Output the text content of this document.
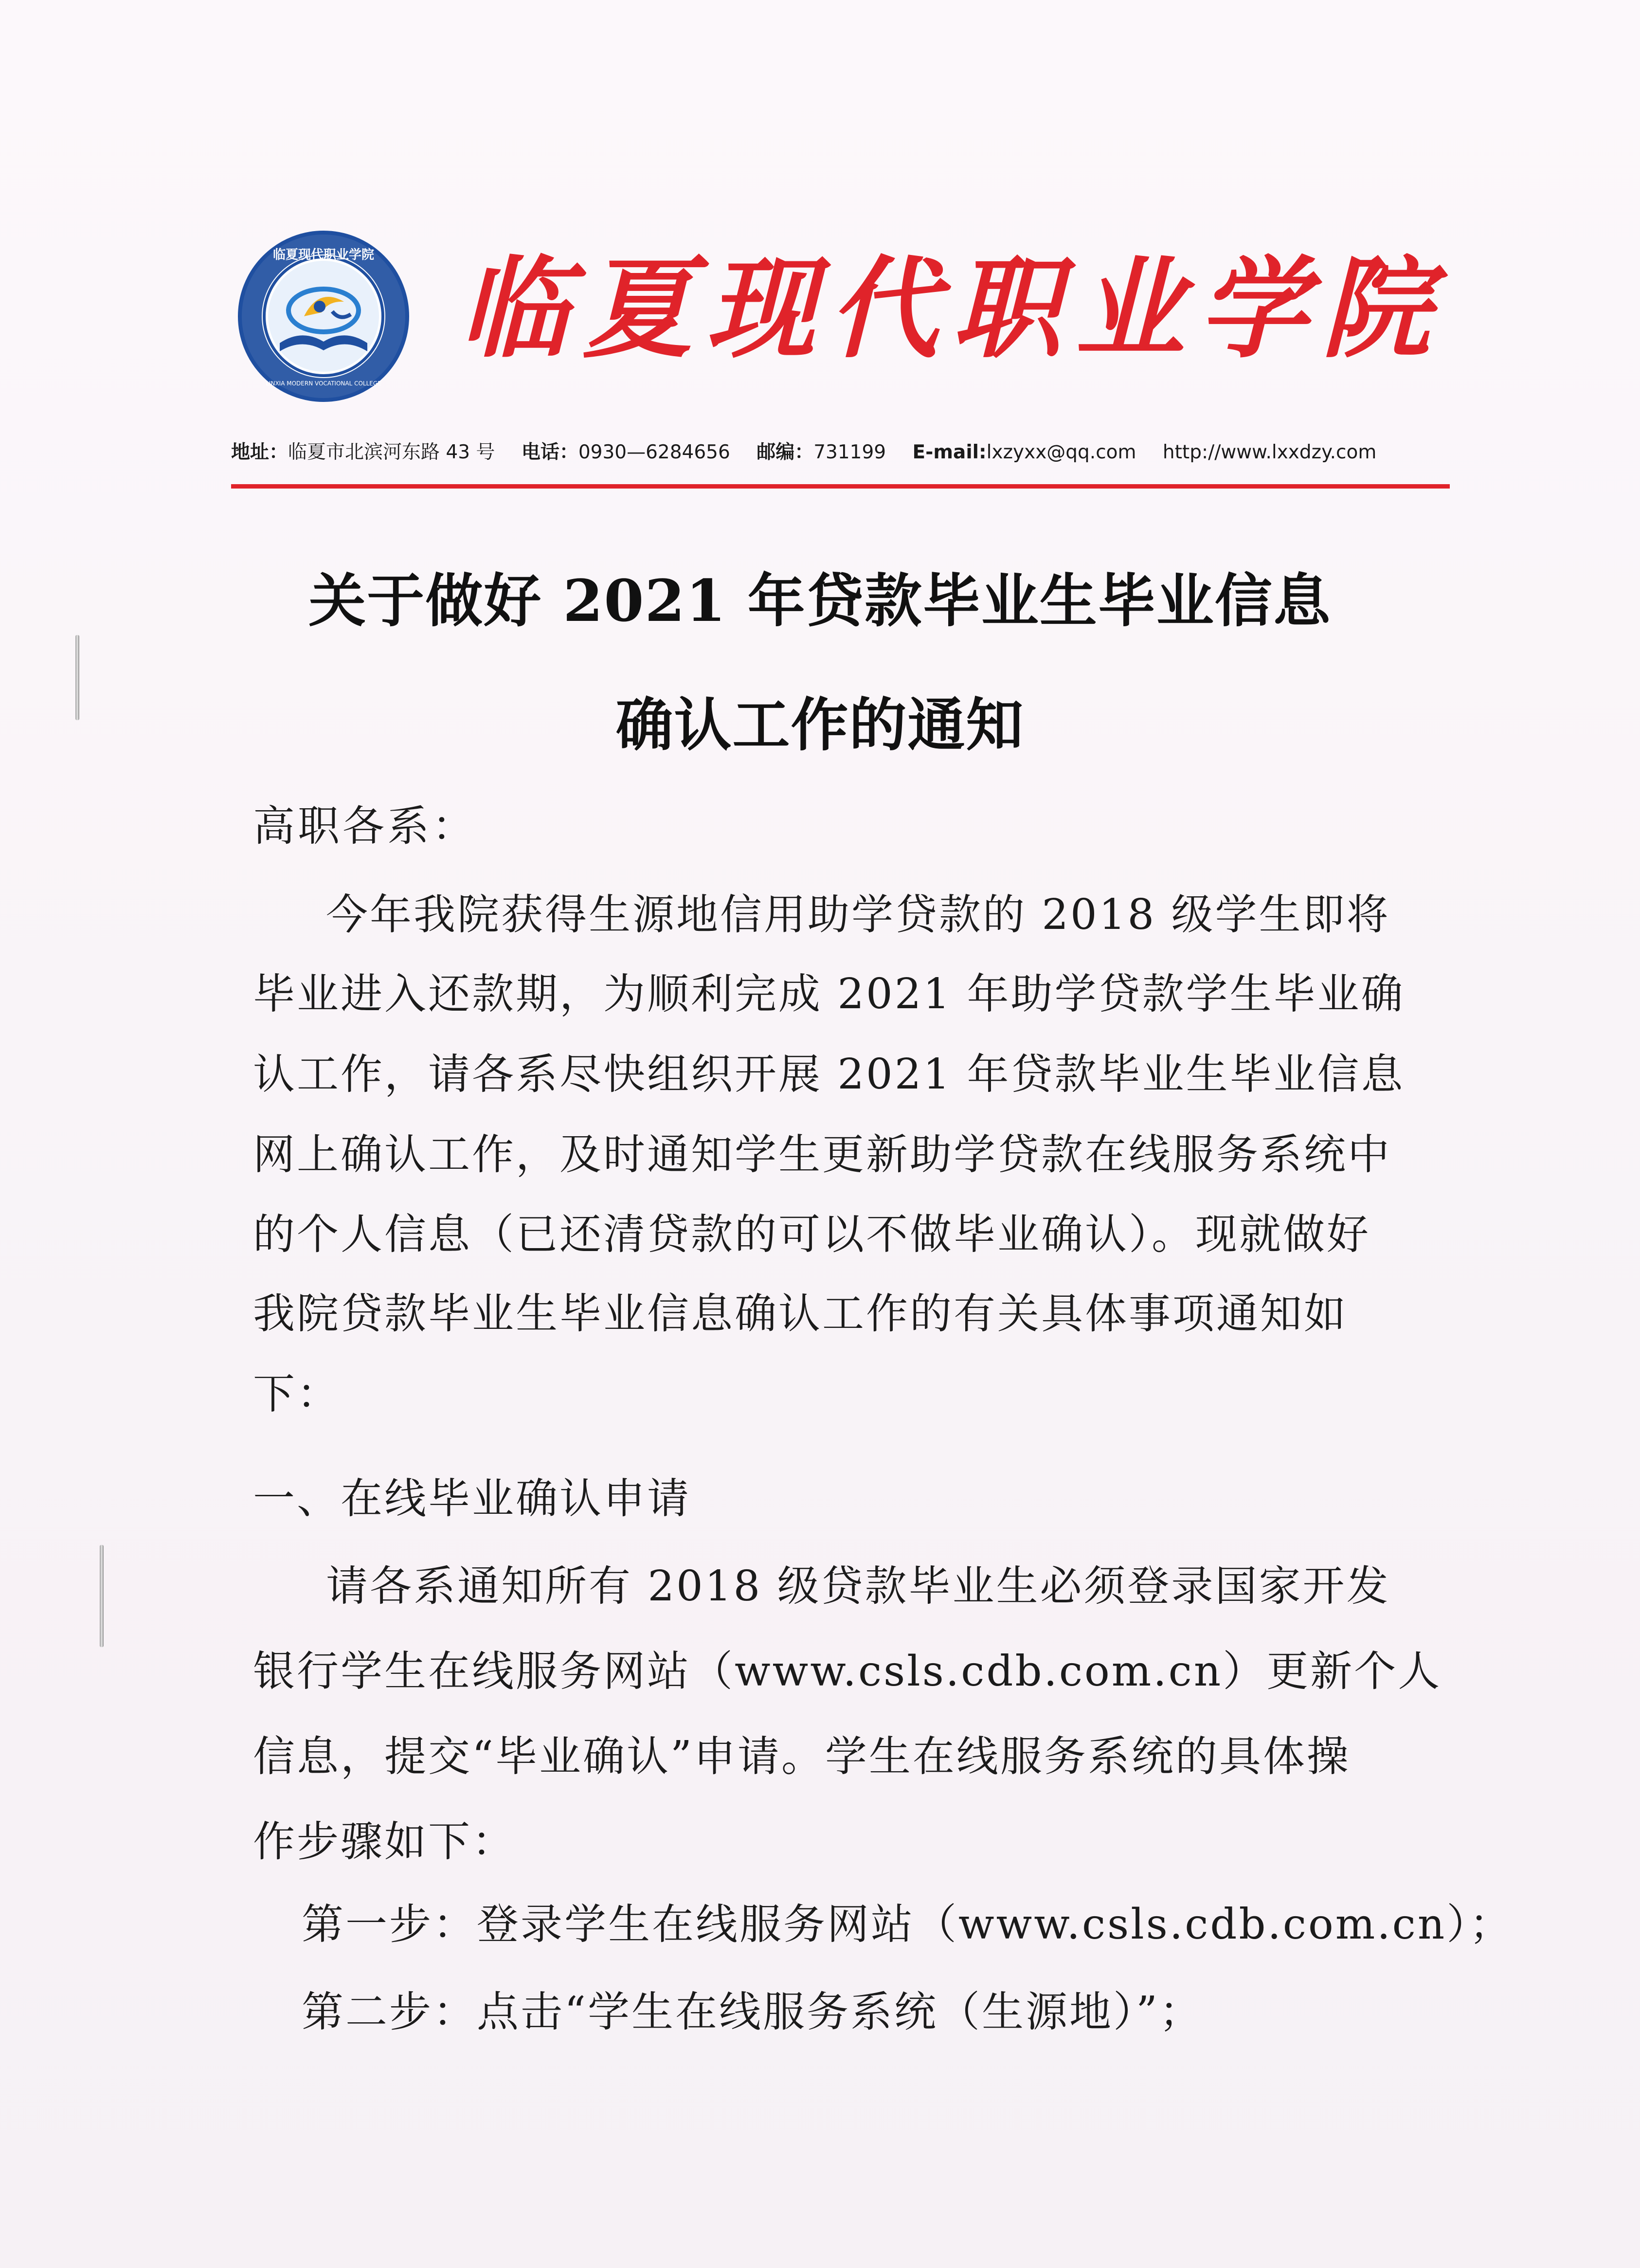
临夏现代职业学院
LINXIA MODERN VOCATIONAL COLLEGE
临夏现代职业学院
地址：临夏市北滨河东路 43 号 电话：0930—6284656 邮编：731199 E-mail:lxzyxx@qq.com http://www.lxxdzy.com
关于做好 2021 年贷款毕业生毕业信息
确认工作的通知
高职各系：
今年我院获得生源地信用助学贷款的 2018 级学生即将
毕业进入还款期，为顺利完成 2021 年助学贷款学生毕业确
认工作，请各系尽快组织开展 2021 年贷款毕业生毕业信息
网上确认工作，及时通知学生更新助学贷款在线服务系统中
的个人信息（已还清贷款的可以不做毕业确认）。现就做好
我院贷款毕业生毕业信息确认工作的有关具体事项通知如
下：
一、在线毕业确认申请
请各系通知所有 2018 级贷款毕业生必须登录国家开发
银行学生在线服务网站（www.csls.cdb.com.cn）更新个人
信息，提交“毕业确认”申请。学生在线服务系统的具体操
作步骤如下：
第一步：登录学生在线服务网站（www.csls.cdb.com.cn）；
第二步：点击“学生在线服务系统（生源地）”；
